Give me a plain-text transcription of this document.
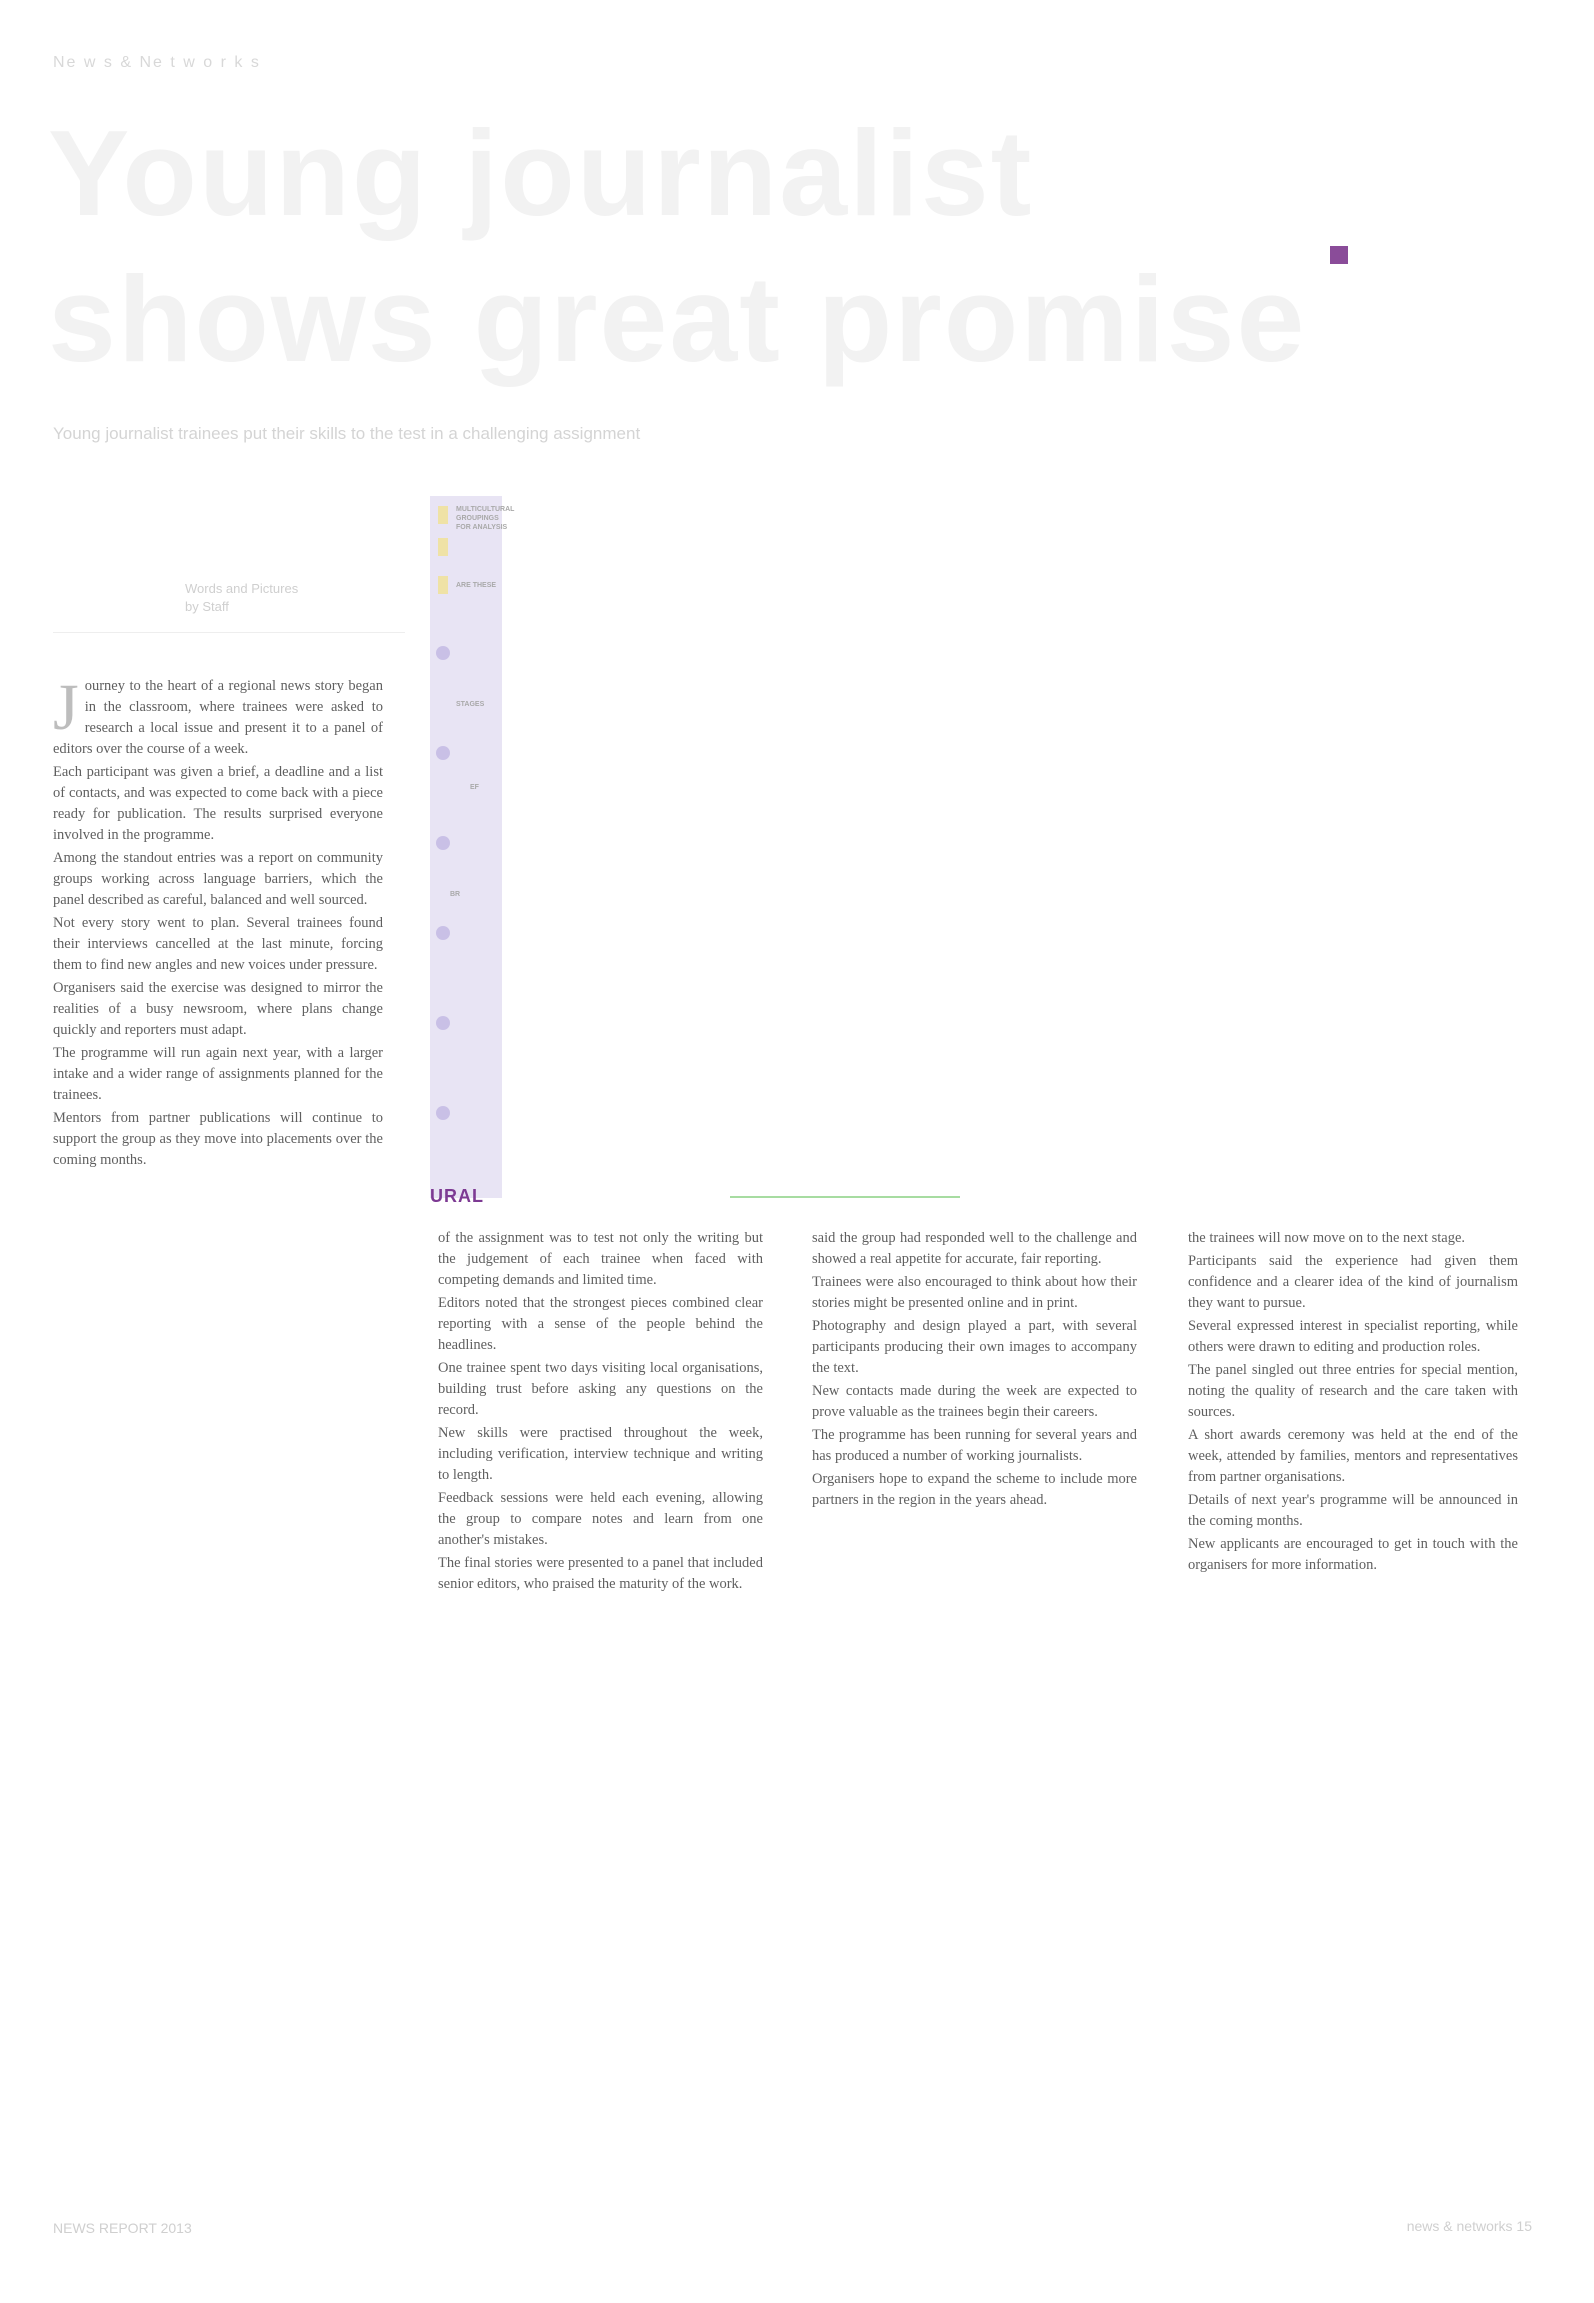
Ne w s & Ne t w o r k s
Young journalist
shows great promise
Young journalist trainees put their skills to the test in a challenging assignment
Words and Pictures
by Staff
MULTICULTURAL
GROUPINGS
FOR ANALYSIS
ARE THESE
STAGES
EF
BR
URAL

Journey to the heart of a regional news story began in the classroom, where trainees were asked to research a local issue and present it to a panel of editors over the course of a week.

Each participant was given a brief, a deadline and a list of contacts, and was expected to come back with a piece ready for publication. The results surprised everyone involved in the programme.

Among the standout entries was a report on community groups working across language barriers, which the panel described as careful, balanced and well sourced.

Not every story went to plan. Several trainees found their interviews cancelled at the last minute, forcing them to find new angles and new voices under pressure.

Organisers said the exercise was designed to mirror the realities of a busy newsroom, where plans change quickly and reporters must adapt.

The programme will run again next year, with a larger intake and a wider range of assignments planned for the trainees.

Mentors from partner publications will continue to support the group as they move into placements over the coming months.

of the assignment was to test not only the writing but the judgement of each trainee when faced with competing demands and limited time.

Editors noted that the strongest pieces combined clear reporting with a sense of the people behind the headlines.

One trainee spent two days visiting local organisations, building trust before asking any questions on the record.

New skills were practised throughout the week, including verification, interview technique and writing to length.

Feedback sessions were held each evening, allowing the group to compare notes and learn from one another's mistakes.

The final stories were presented to a panel that included senior editors, who praised the maturity of the work.

said the group had responded well to the challenge and showed a real appetite for accurate, fair reporting.

Trainees were also encouraged to think about how their stories might be presented online and in print.

Photography and design played a part, with several participants producing their own images to accompany the text.

New contacts made during the week are expected to prove valuable as the trainees begin their careers.

The programme has been running for several years and has produced a number of working journalists.

Organisers hope to expand the scheme to include more partners in the region in the years ahead.

the trainees will now move on to the next stage.

Participants said the experience had given them confidence and a clearer idea of the kind of journalism they want to pursue.

Several expressed interest in specialist reporting, while others were drawn to editing and production roles.

The panel singled out three entries for special mention, noting the quality of research and the care taken with sources.

A short awards ceremony was held at the end of the week, attended by families, mentors and representatives from partner organisations.

Details of next year's programme will be announced in the coming months.

New applicants are encouraged to get in touch with the organisers for more information.

NEWS REPORT 2013	news & networks 15
